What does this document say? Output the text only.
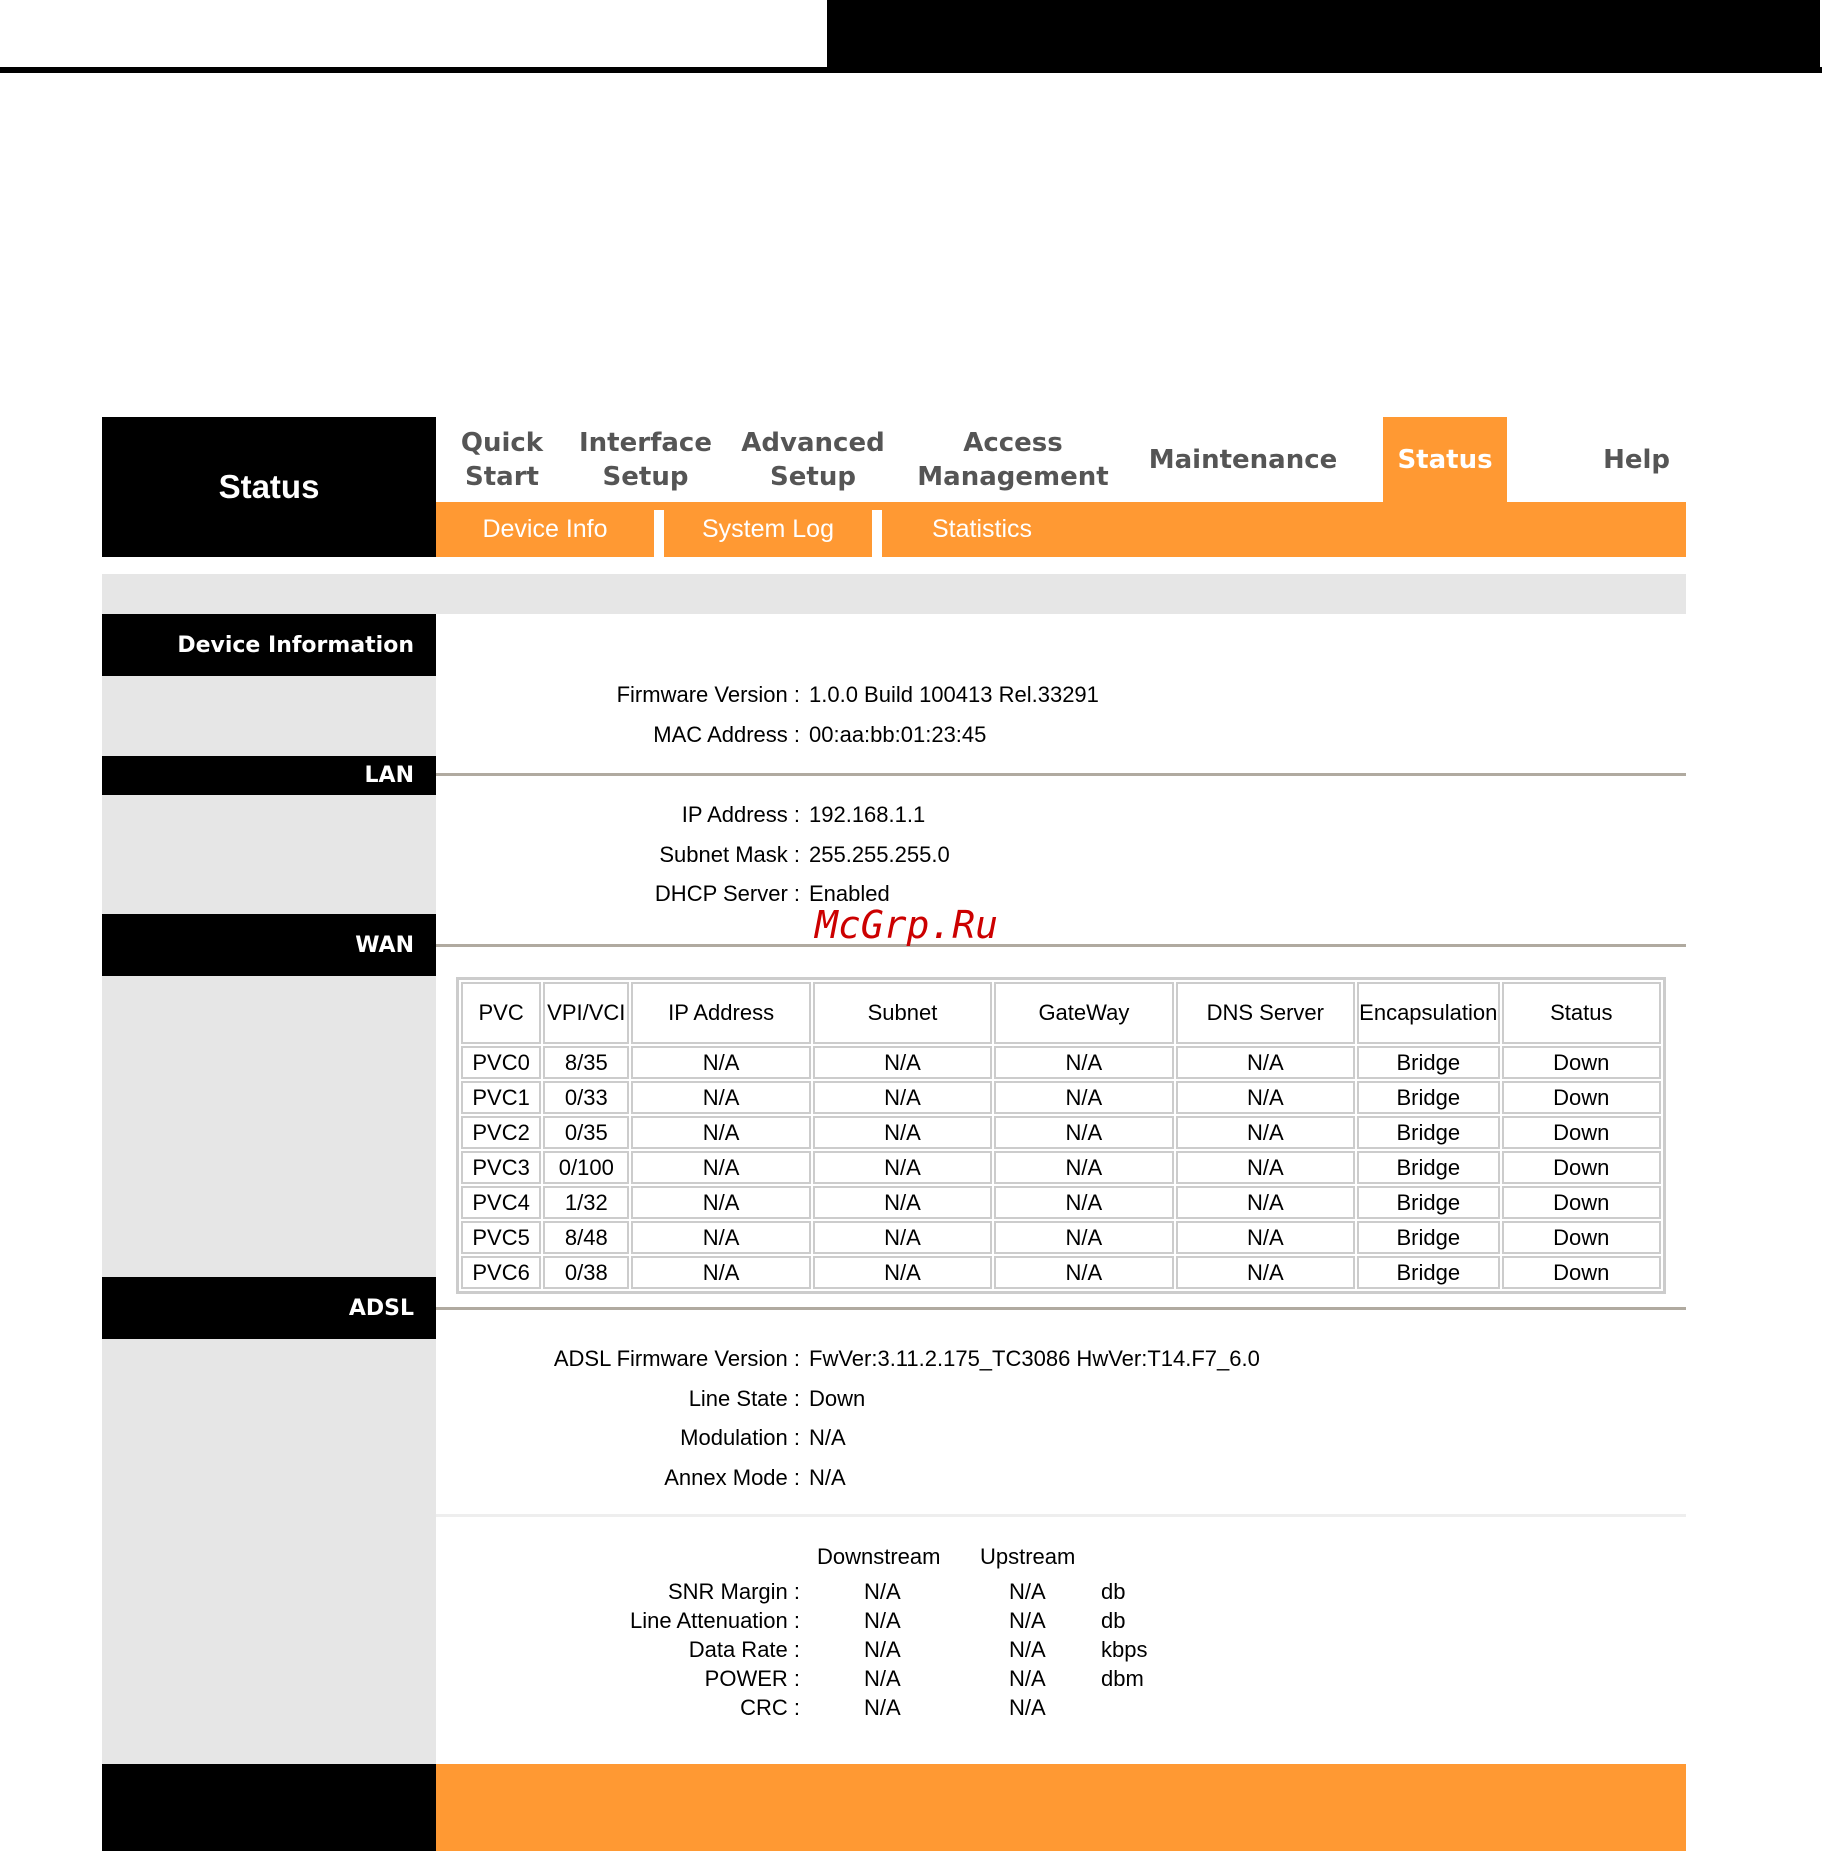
Status
Quick
Start
Interface
Setup
Advanced
Setup
Access
Management
Maintenance Status	Help
Device Info	System Log	Statistics
Device Information
LAN
WAN
ADSL
Firmware Version : 1.0.0 Build 100413 Rel.33291
MAC Address : 00:aa:bb:01:23:45
IP Address : 192.168.1.1
Subnet Mask : 255.255.255.0
DHCP Server : Enabled
McGrp.Ru
PVC	VPI/VCI	IP Address	Subnet	GateWay	DNS Server	Encapsulation	Status
PVC0	8/35	N/A	N/A	N/A	N/A	Bridge	Down
PVC1	0/33	N/A	N/A	N/A	N/A	Bridge	Down
PVC2	0/35	N/A	N/A	N/A	N/A	Bridge	Down
PVC3	0/100	N/A	N/A	N/A	N/A	Bridge	Down
PVC4	1/32	N/A	N/A	N/A	N/A	Bridge	Down
PVC5	8/48	N/A	N/A	N/A	N/A	Bridge	Down
PVC6	0/38	N/A	N/A	N/A	N/A	Bridge	Down
ADSL Firmware Version : FwVer:3.11.2.175_TC3086 HwVer:T14.F7_6.0
Line State : Down
Modulation : N/A
Annex Mode : N/A
Downstream Upstream
SNR Margin :	N/A	N/A	db
Line Attenuation :	N/A	N/A	db
Data Rate :	N/A	N/A	kbps
POWER :	N/A	N/A	dbm
CRC :	N/A	N/A
